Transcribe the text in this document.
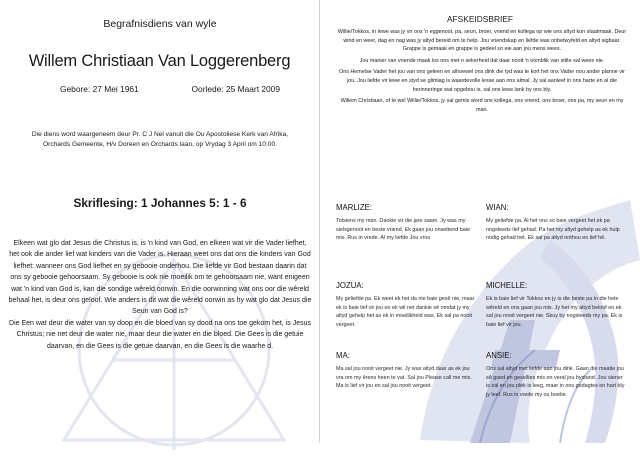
Begrafnisdiens van wyle

Willem Christiaan Van Loggerenberg

Gebore: 27 Mei 1961	Oorlede: 25 Maart 2009

Die diens word waargeneem deur Pr. C J Nel vanuit die Ou Apostoliese Kerk van Afrika, Orchards Gemeente, H/v Doreen en Orchards laan, op Vrydag 3 April om 10:00.

Skriflesing: 1 Johannes 5: 1 - 6

Elkeen wat glo dat Jesus die Christus is, is 'n kind van God, en elkeen wat vir die Vader liefhet, het ook die ander lief wat kinders van die Vader is. Hieraan weet ons dat ons die kinders van God liefhet: wanneer ons God liefhet en sy gebooie onderhou. Die liefde vir God bestaan daarin dat ons sy gebooie gehoorsaam. Sy gebooie is ook nie moeilik om te gehoorsaam nie, want enigeen wat 'n kind van God is, kan die sondige wêreld oorwin. En die oorwinning wat ons oor die wêreld behaal het, is deur ons geloof. Wie anders is dit wat die wêreld oorwin as hy wat glo dat Jesus die Seun van God is?

Die Een wat deur die water van sy doop en die bloed van sy dood na ons toe gekom het, is Jesus Christus; nie net deur die water nie, maar deur die water en die bloed. Die Gees is die getuie daarvan, en die Gees is die getuie daarvan, en die Gees is die waarhe d.

AFSKEIDSBRIEF

Willie/Tokkos, in lewe was jy vir ons 'n eggenoot, pa, seun, broer, vriend en kollega op wie ons altyd kon staatmaak. Deur wind en weer, dag en nag was jy altyd bereid om te help. Jou vriendskap en liefde was onbetwyfeld en altyd sigbaar. Grappe is gemaak en grappe is gedeel so eie aan jou mens wees.

Jou manier van vriende maak los ons met n sekerheid dat daar nooit 'n oomblik van stilte sal wees nie.

Ons Hemelse Vader het jou van ons geleen en alhoewel ons dink die tyd was te kort het ons Vader nou ander planne vir jou. Jou liefde vir lewe en styd se glimlag is waardevolle lesse aan ons almal. Jy sal aanleef in ons harte en al die herinneringe wat opgebou is, sal ons lewe lank by ons bly.

Willem Christiaan, of te wel Willie/Tokkos, jy sal gemis word ons kollega, ons vriend, ons broer, ons pa, my seun en my man.

MARLIZE:
Totsiens my man. Dankie vir die jare saam. Jy was my sielsgenoot en beste vriend. Ek gaan jou onsettend baie mis. Rus in vrede. Al my liefde Jou vrou
WIAN:
My geliefde pa. Al het ons so baie vergeet het ek pa nogsteeds lief gehad. Pa het my altyd gehelp as ek hulp nodig gehad het. Ek sal pa altyd onthou en lief hê.
JOZUA:
My geliefde pa. Ek weet ek het da nie baie gesê nie, maar ek is baie lief vir jou en ek wil net dankie sê omdat jy my altyd gehelp het as ek in moeilikheid was. Ek sal pa nooit vergeet.
MICHELLE:
Ek is baie lief vir Tokkos en jy is die beste pa in die hele wêreld en ons gaan jou mis. Jy het my altyd beloof en ek sal jou nooit vergeet nie. Skuy by nogsteeds my pa. Ek is baie lief vir jou.
MA:
Ma sal jou nooit vergeet nie. Jy was altyd daar as ek jou vra om my êrens heen te vat. Sal jou Please call me mis. Ma is lief vir jou en sal jou nooit vergeet.
ANSIE:
Ons sal altyd met liefde aan jou dink. Gaan die maatie jou sê goed en gesellies mis en veral jou bystand. Jou siener is sal en jou plek is leeg, maar in ons gedagtes en hart bly jy leef. Rus in vrede my ou boetie.
